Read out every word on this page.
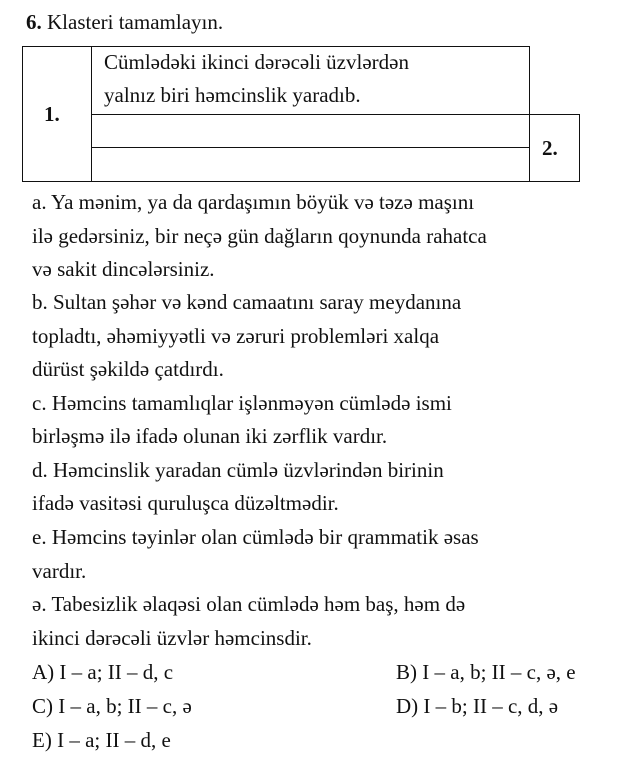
6. Klasteri tamamlayın.
1.
Cümlədəki ikinci dərəcəli üzvlərdən
yalnız biri həmcinslik yaradıb.
2.
a. Ya mənim, ya da qardaşımın böyük və təzə maşını
ilə gedərsiniz, bir neçə gün dağların qoynunda rahatca
və sakit dincələrsiniz.
b. Sultan şəhər və kənd camaatını saray meydanına
topladtı, əhəmiyyətli və zəruri problemləri xalqa
dürüst şəkildə çatdırdı.
c. Həmcins tamamlıqlar işlənməyən cümlədə ismi
birləşmə ilə ifadə olunan iki zərflik vardır.
d. Həmcinslik yaradan cümlə üzvlərindən birinin
ifadə vasitəsi quruluşca düzəltmədir.
e. Həmcins təyinlər olan cümlədə bir qrammatik əsas
vardır.
ə. Tabesizlik əlaqəsi olan cümlədə həm baş, həm də
ikinci dərəcəli üzvlər həmcinsdir.
A) I – a; II – d, c	B) I – a, b; II – c, ə, e
C) I – a, b; II – c, ə	D) I – b; II – c, d, ə
E) I – a; II – d, e
